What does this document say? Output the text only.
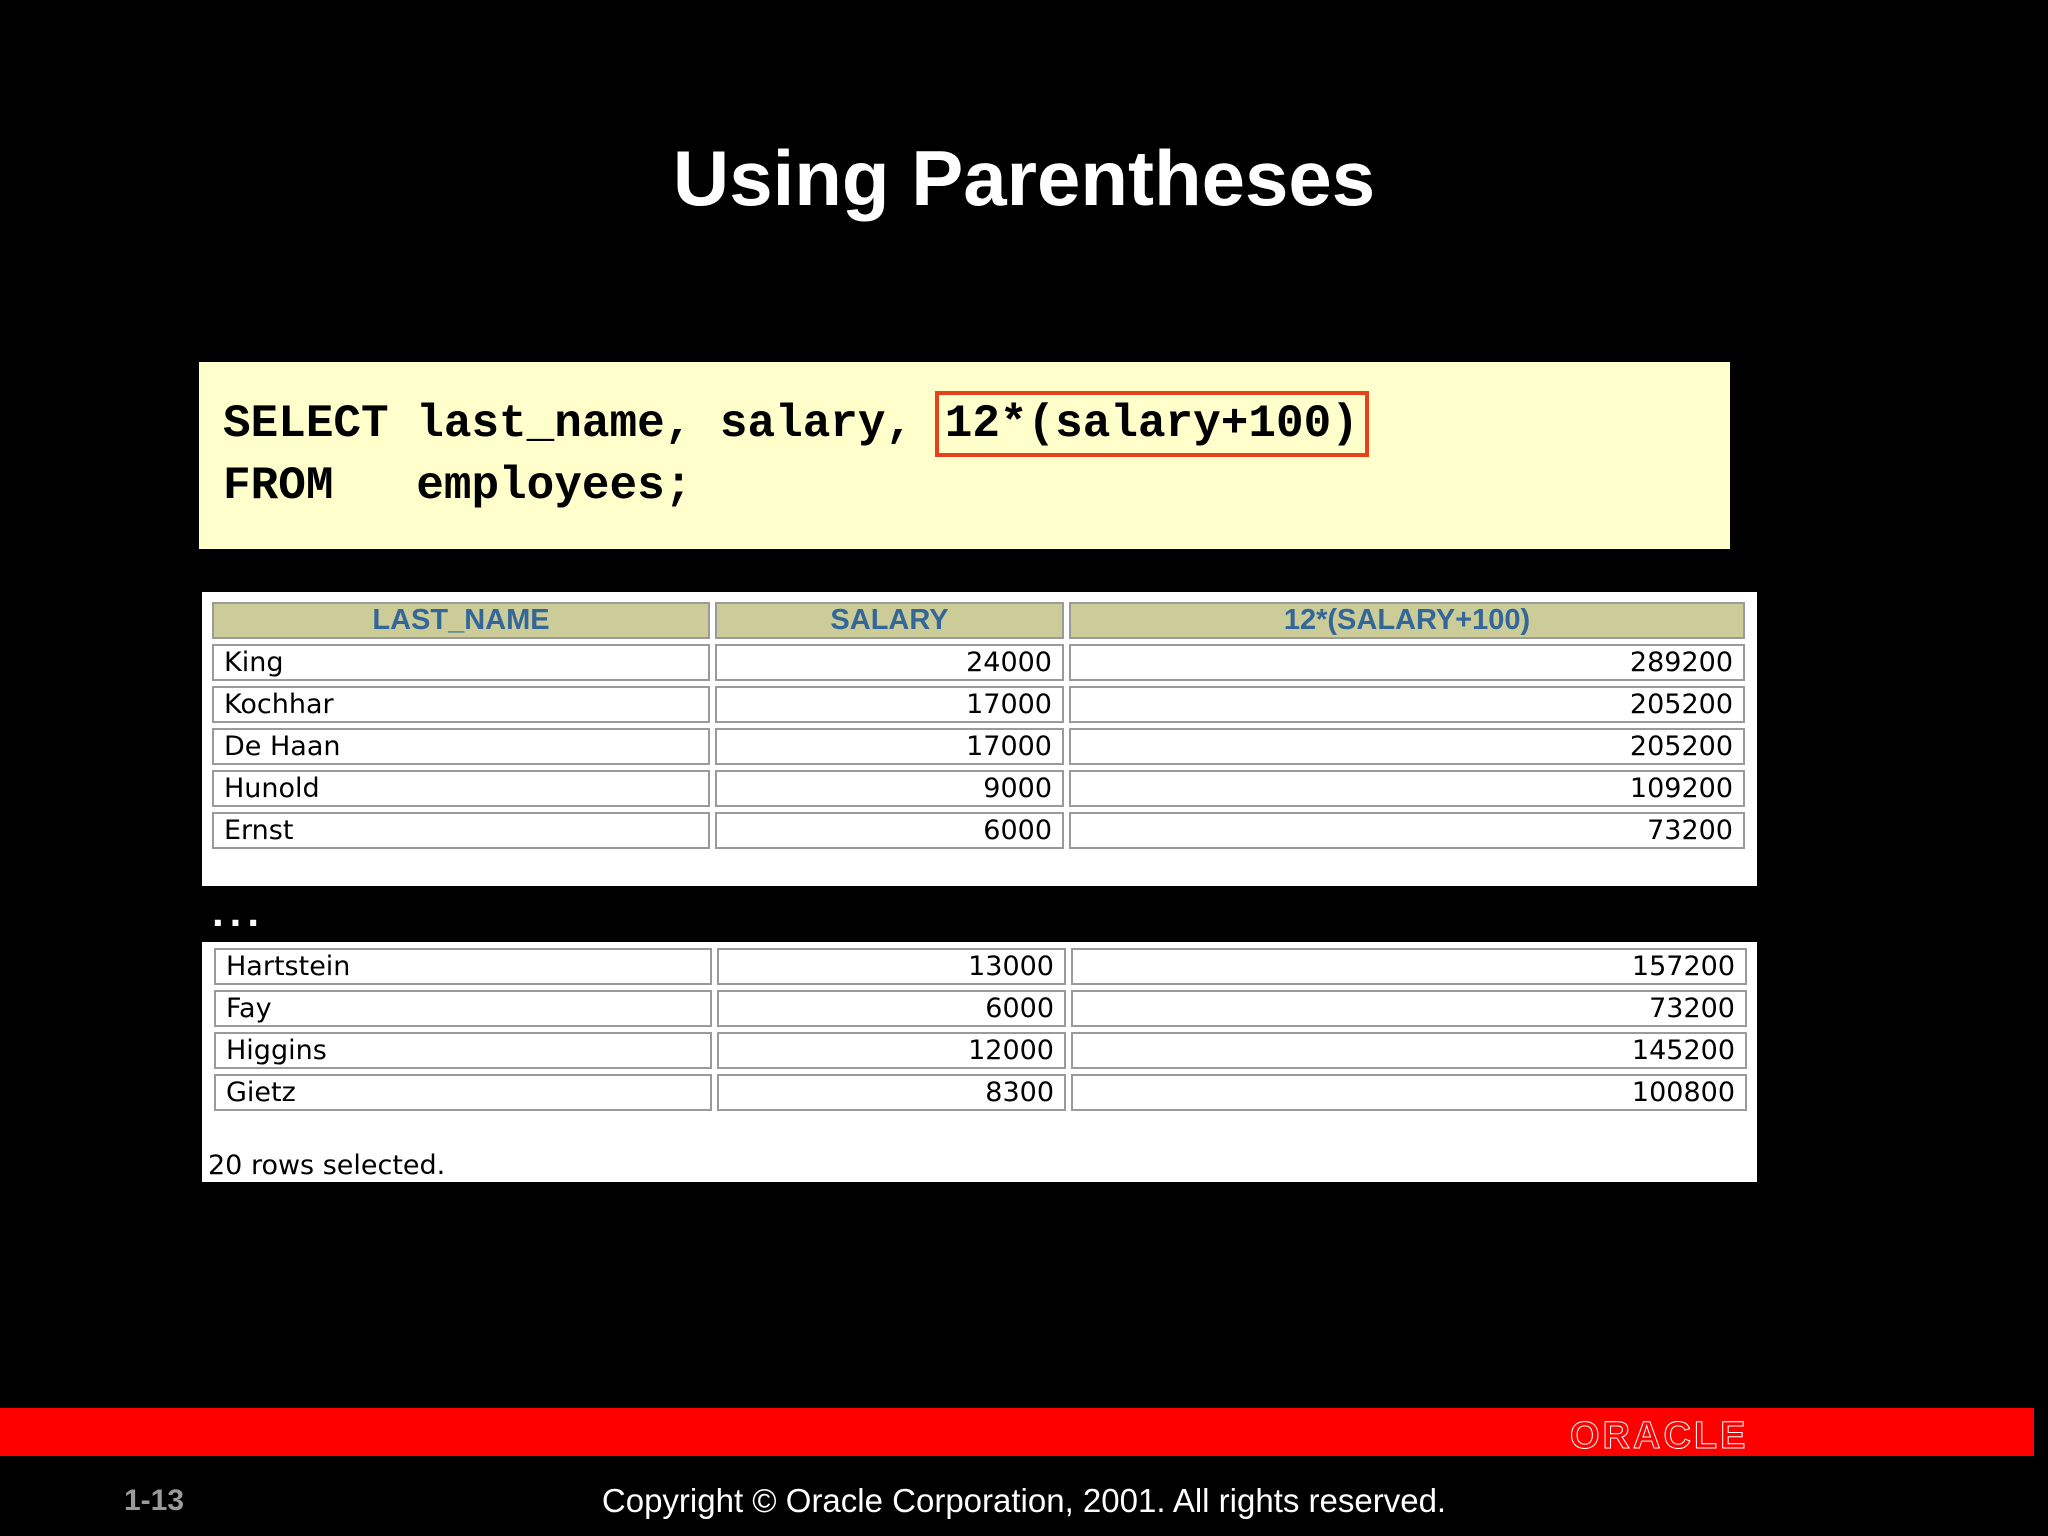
Using Parentheses
SELECT last_name, salary, 12*(salary+100)
FROM   employees;
...
LAST_NAME	SALARY	12*(SALARY+100)
King	24000	289200
Kochhar	17000	205200
De Haan	17000	205200
Hunold	9000	109200
Ernst	6000	73200
Hartstein	13000	157200
Fay	6000	73200
Higgins	12000	145200
Gietz	8300	100800
20 rows selected.
ORACLE
1-13	Copyright © Oracle Corporation, 2001. All rights reserved.
